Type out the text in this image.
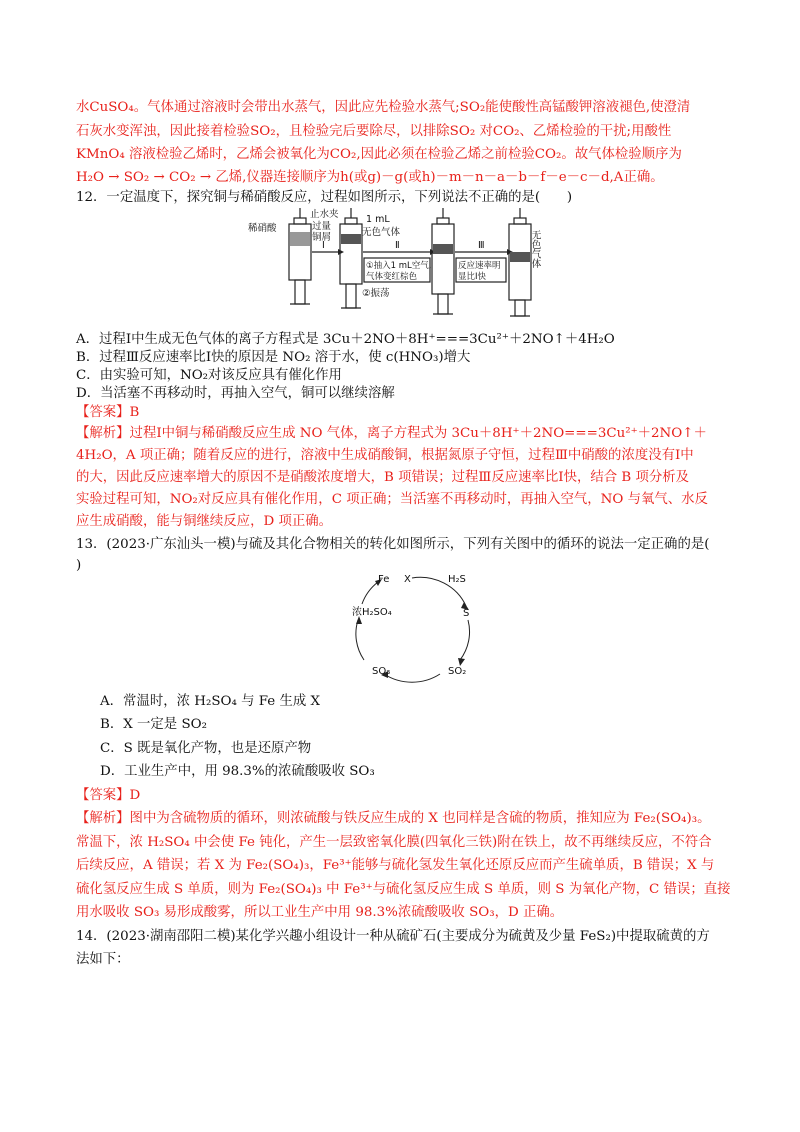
水CuSO₄。气体通过溶液时会带出水蒸气，因此应先检验水蒸气;SO₂能使酸性高锰酸钾溶液褪色,使澄清
石灰水变浑浊，因此接着检验SO₂，且检验完后要除尽，以排除SO₂ 对CO₂、乙烯检验的干扰;用酸性
KMnO₄ 溶液检验乙烯时，乙烯会被氧化为CO₂,因此必须在检验乙烯之前检验CO₂。故气体检验顺序为
H₂O → SO₂ → CO₂ → 乙烯,仪器连接顺序为h(或g)－g(或h)－m－n－a－b－f－e－c－d,A正确。
12．一定温度下，探究铜与稀硝酸反应，过程如图所示，下列说法不正确的是(　　)
止水夹
稀硝酸	过量
铜屑
1 mL
无色气体
Ⅰ	Ⅱ	Ⅲ
①抽入1 mL空气,
气体变红棕色
②振荡
反应速率明
显比Ⅰ快
无色气体
A．过程Ⅰ中生成无色气体的离子方程式是 3Cu＋2NO＋8H⁺===3Cu²⁺＋2NO↑＋4H₂O
B．过程Ⅲ反应速率比Ⅰ快的原因是 NO₂ 溶于水，使 c(HNO₃)增大
C．由实验可知，NO₂对该反应具有催化作用
D．当活塞不再移动时，再抽入空气，铜可以继续溶解
【答案】B
【解析】过程Ⅰ中铜与稀硝酸反应生成 NO 气体，离子方程式为 3Cu＋8H⁺＋2NO===3Cu²⁺＋2NO↑＋
4H₂O，A 项正确；随着反应的进行，溶液中生成硝酸铜，根据氮原子守恒，过程Ⅲ中硝酸的浓度没有Ⅰ中
的大，因此反应速率增大的原因不是硝酸浓度增大，B 项错误；过程Ⅲ反应速率比Ⅰ快，结合 B 项分析及
实验过程可知，NO₂对反应具有催化作用，C 项正确；当活塞不再移动时，再抽入空气，NO 与氧气、水反
应生成硝酸，能与铜继续反应，D 项正确。
13．(2023·广东汕头一模)与硫及其化合物相关的转化如图所示，下列有关图中的循环的说法一定正确的是(
)
Fe X	H₂S
S
SO₂
SO₃
浓H₂SO₄
A．常温时，浓 H₂SO₄ 与 Fe 生成 X
B．X 一定是 SO₂
C．S 既是氧化产物，也是还原产物
D．工业生产中，用 98.3%的浓硫酸吸收 SO₃
【答案】D
【解析】图中为含硫物质的循环，则浓硫酸与铁反应生成的 X 也同样是含硫的物质，推知应为 Fe₂(SO₄)₃。
常温下，浓 H₂SO₄ 中会使 Fe 钝化，产生一层致密氧化膜(四氧化三铁)附在铁上，故不再继续反应，不符合
后续反应，A 错误；若 X 为 Fe₂(SO₄)₃，Fe³⁺能够与硫化氢发生氧化还原反应而产生硫单质，B 错误；X 与
硫化氢反应生成 S 单质，则为 Fe₂(SO₄)₃ 中 Fe³⁺与硫化氢反应生成 S 单质，则 S 为氧化产物，C 错误；直接
用水吸收 SO₃ 易形成酸雾，所以工业生产中用 98.3%浓硫酸吸收 SO₃，D 正确。
14．(2023·湖南邵阳二模)某化学兴趣小组设计一种从硫矿石(主要成分为硫黄及少量 FeS₂)中提取硫黄的方
法如下：
